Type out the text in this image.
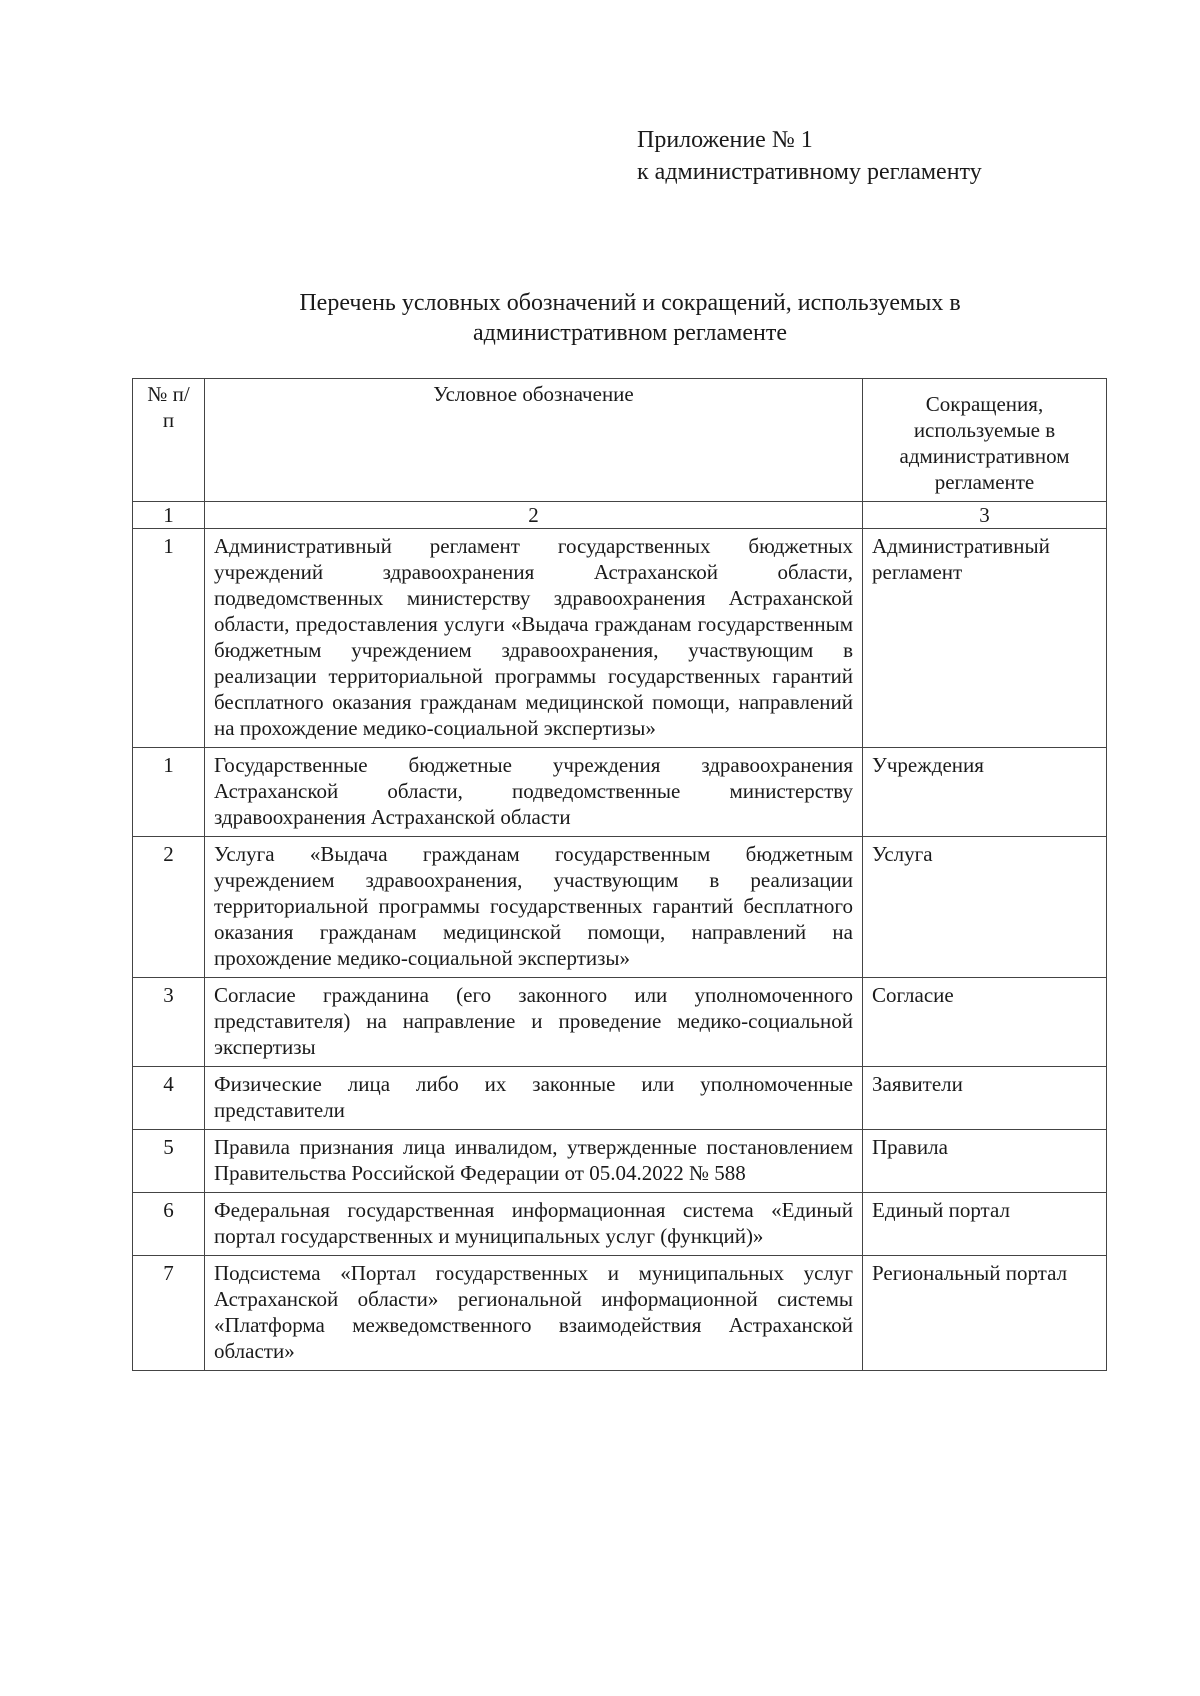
Приложение № 1
к административному регламенту
Перечень условных обозначений и сокращений, используемых в
административном регламенте
№ п/п	Условное обозначение	Сокращения, используемые в административном регламенте
1	2	3
1	Административный регламент государственных бюджетных учреждений здравоохранения Астраханской области, подведомственных министерству здравоохранения Астраханской области, предоставления услуги «Выдача гражданам государственным бюджетным учреждением здравоохранения, участвующим в реализации территориальной программы государственных гарантий бесплатного оказания гражданам медицинской помощи, направлений на прохождение медико-социальной экспертизы»	Административный регламент
1	Государственные бюджетные учреждения здравоохранения Астраханской области, подведомственные министерству здравоохранения Астраханской области	Учреждения
2	Услуга «Выдача гражданам государственным бюджетным учреждением здравоохранения, участвующим в реализации территориальной программы государственных гарантий бесплатного оказания гражданам медицинской помощи, направлений на прохождение медико-социальной экспертизы»	Услуга
3	Согласие гражданина (его законного или уполномоченного представителя) на направление и проведение медико-социальной экспертизы	Согласие
4	Физические лица либо их законные или уполномоченные представители	Заявители
5	Правила признания лица инвалидом, утвержденные постановлением Правительства Российской Федерации от 05.04.2022 № 588	Правила
6	Федеральная государственная информационная система «Единый портал государственных и муниципальных услуг (функций)»	Единый портал
7	Подсистема «Портал государственных и муниципальных услуг Астраханской области» региональной информационной системы «Платформа межведомственного взаимодействия Астраханской области»	Региональный портал
